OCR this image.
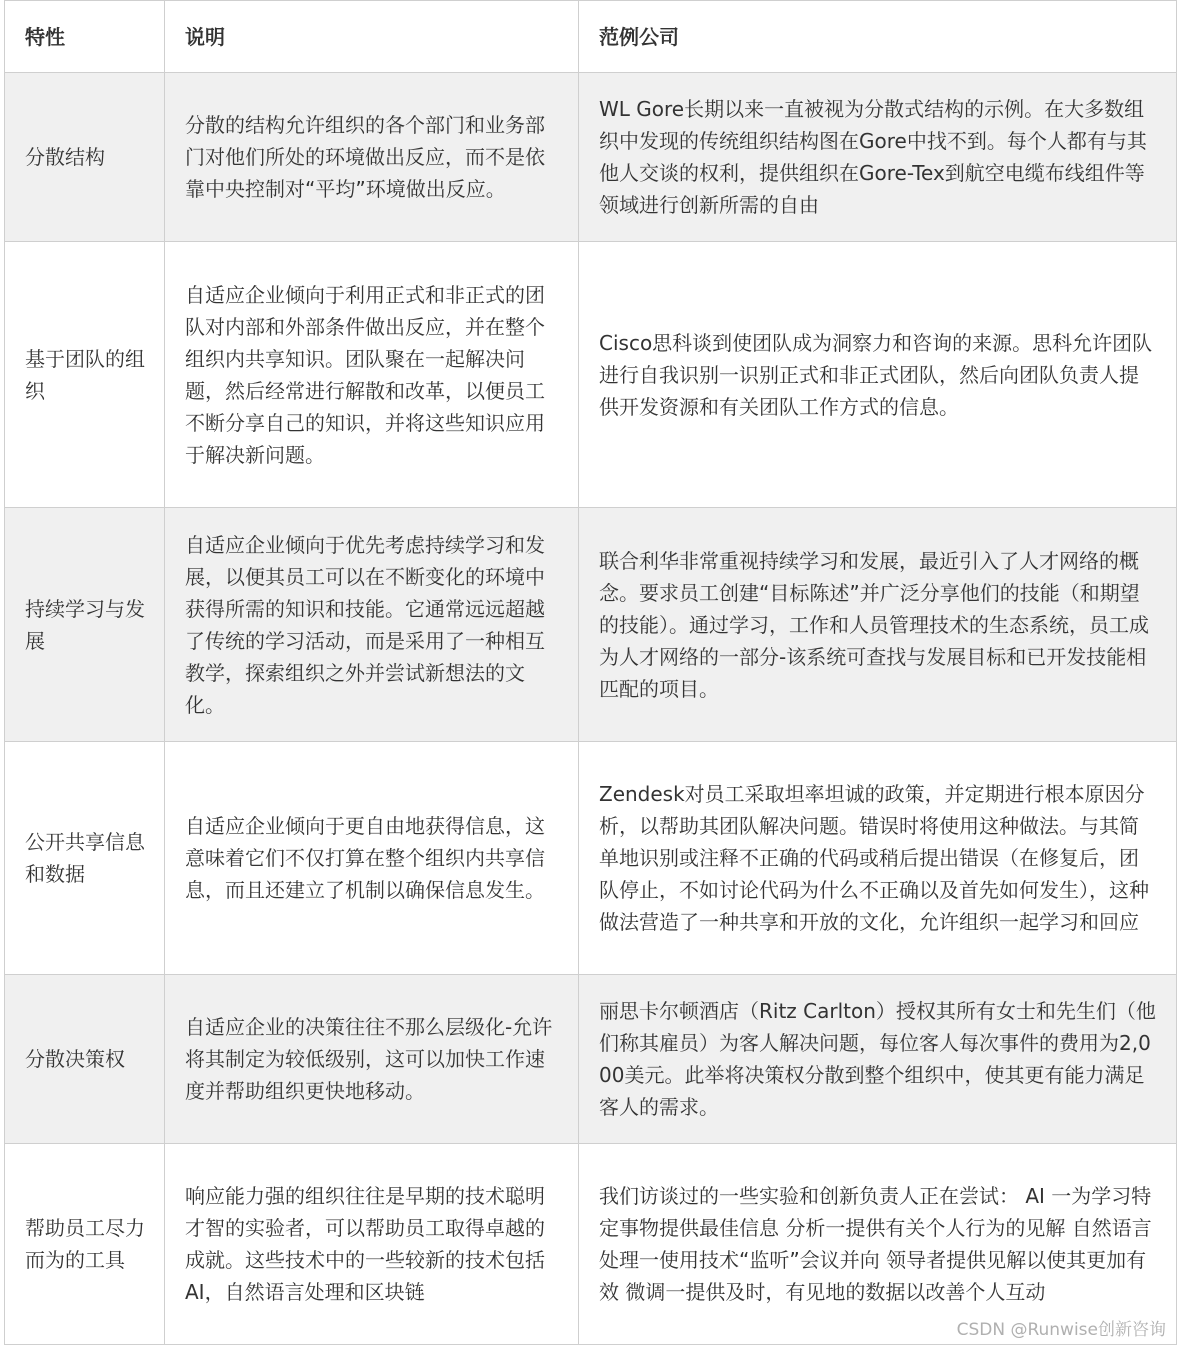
特性	说明	范例公司
分散结构	分散的结构允许组织的各个部门和业务部门对他们所处的环境做出反应，而不是依靠中央控制对“平均”环境做出反应。	WL Gore长期以来一直被视为分散式结构的示例。在大多数组织中发现的传统组织结构图在Gore中找不到。每个人都有与其他人交谈的权利，提供组织在Gore-Tex到航空电缆布线组件等领域进行创新所需的自由
基于团队的组织	自适应企业倾向于利用正式和非正式的团队对内部和外部条件做出反应，并在整个组织内共享知识。团队聚在一起解决问题，然后经常进行解散和改革，以便员工不断分享自己的知识，并将这些知识应用于解决新问题。	Cisco思科谈到使团队成为洞察力和咨询的来源。思科允许团队进行自我识别一识别正式和非正式团队，然后向团队负责人提供开发资源和有关团队工作方式的信息。
持续学习与发展	自适应企业倾向于优先考虑持续学习和发展，以便其员工可以在不断变化的环境中获得所需的知识和技能。它通常远远超越了传统的学习活动，而是采用了一种相互教学，探索组织之外并尝试新想法的文化。	联合利华非常重视持续学习和发展，最近引入了人才网络的概念。要求员工创建“目标陈述”并广泛分享他们的技能（和期望的技能）。通过学习，工作和人员管理技术的生态系统，员工成为人才网络的一部分-该系统可查找与发展目标和已开发技能相匹配的项目。
公开共享信息和数据	自适应企业倾向于更自由地获得信息，这意味着它们不仅打算在整个组织内共享信息，而且还建立了机制以确保信息发生。	Zendesk对员工采取坦率坦诚的政策，并定期进行根本原因分析，以帮助其团队解决问题。错误时将使用这种做法。与其简单地识别或注释不正确的代码或稍后提出错误（在修复后，团队停止，不如讨论代码为什么不正确以及首先如何发生），这种做法营造了一种共享和开放的文化，允许组织一起学习和回应
分散决策权	自适应企业的决策往往不那么层级化-允许将其制定为较低级别，这可以加快工作速度并帮助组织更快地移动。	丽思卡尔顿酒店（Ritz Carlton）授权其所有女士和先生们（他们称其雇员）为客人解决问题，每位客人每次事件的费用为2,000美元。此举将决策权分散到整个组织中，使其更有能力满足客人的需求。
帮助员工尽力而为的工具	响应能力强的组织往往是早期的技术聪明才智的实验者，可以帮助员工取得卓越的成就。这些技术中的一些较新的技术包括AI，自然语言处理和区块链	我们访谈过的一些实验和创新负责人正在尝试： AI 一为学习特定事物提供最佳信息 分析一提供有关个人行为的见解 自然语言处理一使用技术“监听”会议并向 领导者提供见解以使其更加有效 微调一提供及时，有见地的数据以改善个人互动
CSDN @Runwise创新咨询
